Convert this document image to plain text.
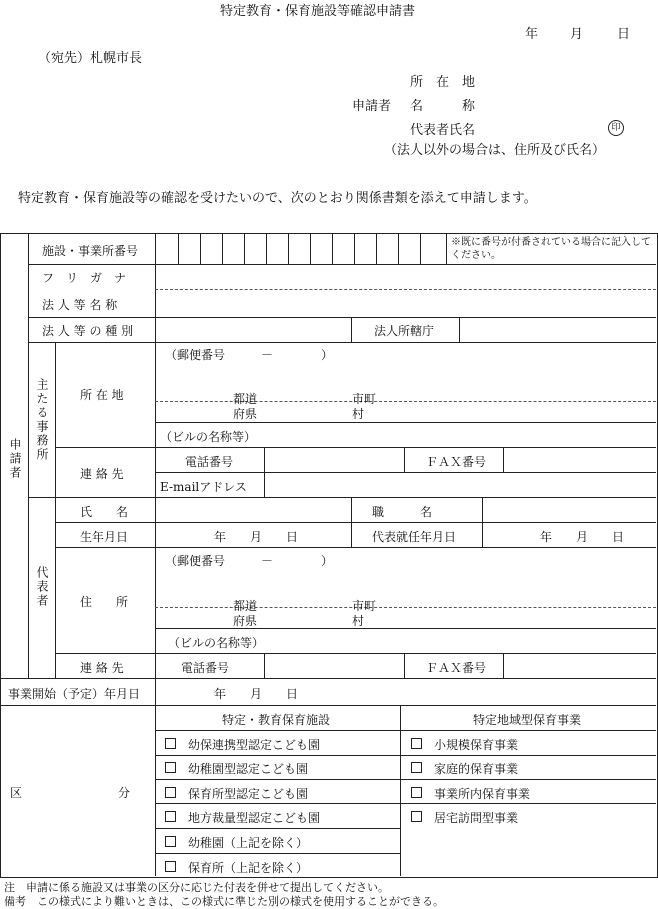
特定教育・保育施設等確認申請書
年 月	日
（宛先）札幌市長
所　在　地
申請者 名　　　称
代表者氏名	印
（法人以外の場合は、住所及び氏名）
特定教育・保育施設等の確認を受けたいので、次のとおり関係書類を添えて申請します。
申請者 主たる事務所
代表者
施設・事業所番号
※既に番号が付番されている場合に記入してください。
フ　リ　ガ　ナ
法 人 等 名 称
法 人 等 の 種 別	法人所轄庁
所 在 地
（郵便番号　　　－　　　　）
都道
府県
市町
村
（ビルの名称等）
連 絡 先
電話番号	ＦＡＸ番号
E-mailアドレス
氏　　名	職　　　名
生年月日	年　　月　　日	代表就任年月日	年　　月　　日
住　　所
（郵便番号　　　－　　　　）
都道
府県
市町
村
（ビルの名称等）
連 絡 先	電話番号	ＦＡＸ番号
事業開始（予定）年月日	年　　月　　日
区　　　　　　　　分
特定・教育保育施設	特定地域型保育事業
幼保連携型認定こども園
幼稚園型認定こども園
保育所型認定こども園
地方裁量型認定こども園
幼稚園（上記を除く）
保育所（上記を除く）
小規模保育事業
家庭的保育事業
事業所内保育事業
居宅訪問型事業
注　申請に係る施設又は事業の区分に応じた付表を併せて提出してください。
備考　この様式により難いときは、この様式に準じた別の様式を使用することができる。
